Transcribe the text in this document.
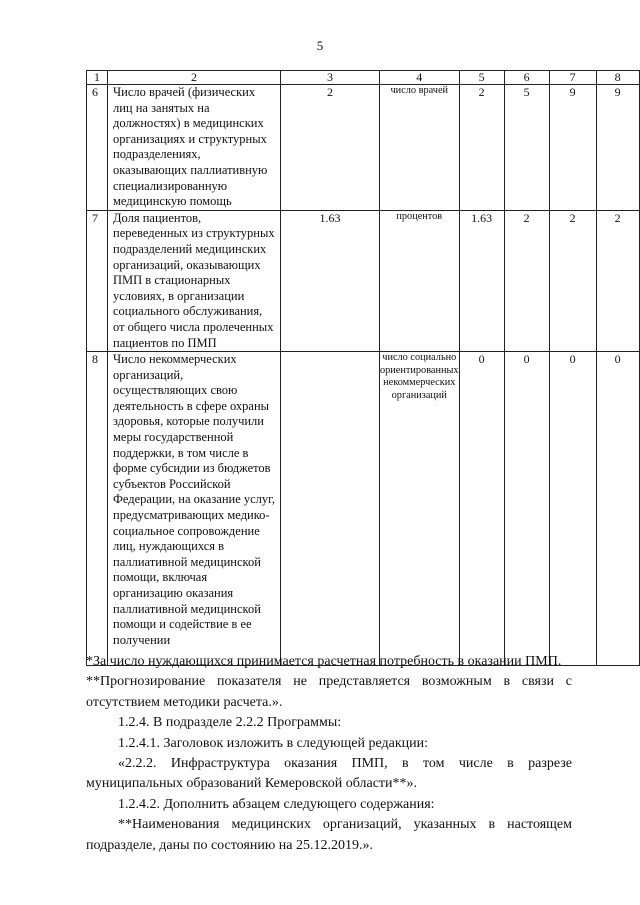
5
1	2	3	4	5	6	7	8
6	Число врачей (физических лиц на занятых на должностях) в медицинских организациях и структурных подразделениях, оказывающих паллиативную специализированную медицинскую помощь	2	число врачей	2	5	9	9
7	Доля пациентов, переведенных из структурных подразделений медицинских организаций, оказывающих ПМП в стационарных условиях, в организации социального обслуживания, от общего числа пролеченных пациентов по ПМП	1.63	процентов	1.63	2	2	2
8	Число некоммерческих организаций, осуществляющих свою деятельность в сфере охраны здоровья, которые получили меры государственной поддержки, в том числе в форме субсидии из бюджетов субъектов Российской Федерации, на оказание услуг, предусматривающих медико-социальное сопровождение лиц, нуждающихся в паллиативной медицинской помощи, включая организацию оказания паллиативной медицинской помощи и содействие в ее получении		число социально ориентированных некоммерческих организаций	0	0	0	0

*За число нуждающихся принимается расчетная потребность в оказании ПМП.

**Прогнозирование показателя не представляется возможным в связи с отсутствием методики расчета.».

1.2.4. В подразделе 2.2.2 Программы:

1.2.4.1. Заголовок изложить в следующей редакции:

«2.2.2. Инфраструктура оказания ПМП, в том числе в разрезе муниципальных образований Кемеровской области**».

1.2.4.2. Дополнить абзацем следующего содержания:

**Наименования медицинских организаций, указанных в настоящем подразделе, даны по состоянию на 25.12.2019.».
